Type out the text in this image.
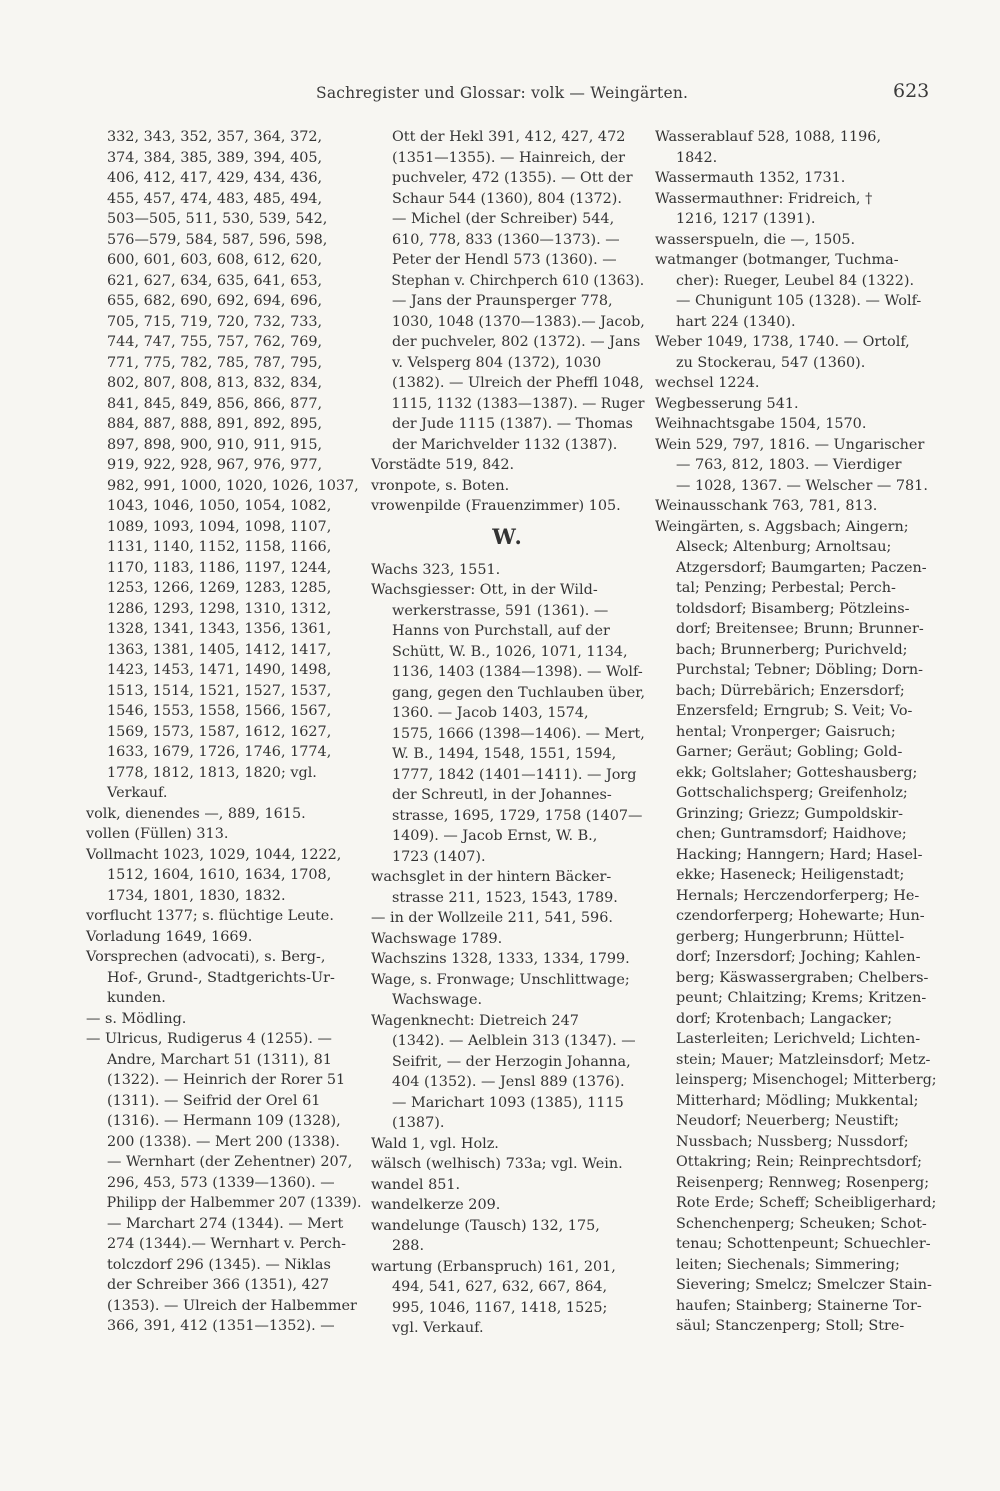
Sachregister und Glossar: volk — Weingärten.	623
332, 343, 352, 357, 364, 372,
374, 384, 385, 389, 394, 405,
406, 412, 417, 429, 434, 436,
455, 457, 474, 483, 485, 494,
503—505, 511, 530, 539, 542,
576—579, 584, 587, 596, 598,
600, 601, 603, 608, 612, 620,
621, 627, 634, 635, 641, 653,
655, 682, 690, 692, 694, 696,
705, 715, 719, 720, 732, 733,
744, 747, 755, 757, 762, 769,
771, 775, 782, 785, 787, 795,
802, 807, 808, 813, 832, 834,
841, 845, 849, 856, 866, 877,
884, 887, 888, 891, 892, 895,
897, 898, 900, 910, 911, 915,
919, 922, 928, 967, 976, 977,
982, 991, 1000, 1020, 1026, 1037,
1043, 1046, 1050, 1054, 1082,
1089, 1093, 1094, 1098, 1107,
1131, 1140, 1152, 1158, 1166,
1170, 1183, 1186, 1197, 1244,
1253, 1266, 1269, 1283, 1285,
1286, 1293, 1298, 1310, 1312,
1328, 1341, 1343, 1356, 1361,
1363, 1381, 1405, 1412, 1417,
1423, 1453, 1471, 1490, 1498,
1513, 1514, 1521, 1527, 1537,
1546, 1553, 1558, 1566, 1567,
1569, 1573, 1587, 1612, 1627,
1633, 1679, 1726, 1746, 1774,
1778, 1812, 1813, 1820; vgl.
Verkauf.
volk, dienendes —, 889, 1615.
vollen (Füllen) 313.
Vollmacht 1023, 1029, 1044, 1222,
1512, 1604, 1610, 1634, 1708,
1734, 1801, 1830, 1832.
vorflucht 1377; s. flüchtige Leute.
Vorladung 1649, 1669.
Vorsprechen (advocati), s. Berg-,
Hof-, Grund-, Stadtgerichts-Ur-
kunden.
— s. Mödling.
— Ulricus, Rudigerus 4 (1255). —
Andre, Marchart 51 (1311), 81
(1322). — Heinrich der Rorer 51
(1311). — Seifrid der Orel 61
(1316). — Hermann 109 (1328),
200 (1338). — Mert 200 (1338).
— Wernhart (der Zehentner) 207,
296, 453, 573 (1339—1360). —
Philipp der Halbemmer 207 (1339).
— Marchart 274 (1344). — Mert
274 (1344).— Wernhart v. Perch-
tolczdorf 296 (1345). — Niklas
der Schreiber 366 (1351), 427
(1353). — Ulreich der Halbemmer
366, 391, 412 (1351—1352). —
Ott der Hekl 391, 412, 427, 472
(1351—1355). — Hainreich, der
puchveler, 472 (1355). — Ott der
Schaur 544 (1360), 804 (1372).
— Michel (der Schreiber) 544,
610, 778, 833 (1360—1373). —
Peter der Hendl 573 (1360). —
Stephan v. Chirchperch 610 (1363).
— Jans der Praunsperger 778,
1030, 1048 (1370—1383).— Jacob,
der puchveler, 802 (1372). — Jans
v. Velsperg 804 (1372), 1030
(1382). — Ulreich der Pheffl 1048,
1115, 1132 (1383—1387). — Ruger
der Jude 1115 (1387). — Thomas
der Marichvelder 1132 (1387).
Vorstädte 519, 842.
vronpote, s. Boten.
vrowenpilde (Frauenzimmer) 105.
W.
Wachs 323, 1551.
Wachsgiesser: Ott, in der Wild-
werkerstrasse, 591 (1361). —
Hanns von Purchstall, auf der
Schütt, W. B., 1026, 1071, 1134,
1136, 1403 (1384—1398). — Wolf-
gang, gegen den Tuchlauben über,
1360. — Jacob 1403, 1574,
1575, 1666 (1398—1406). — Mert,
W. B., 1494, 1548, 1551, 1594,
1777, 1842 (1401—1411). — Jorg
der Schreutl, in der Johannes-
strasse, 1695, 1729, 1758 (1407—
1409). — Jacob Ernst, W. B.,
1723 (1407).
wachsglet in der hintern Bäcker-
strasse 211, 1523, 1543, 1789.
— in der Wollzeile 211, 541, 596.
Wachswage 1789.
Wachszins 1328, 1333, 1334, 1799.
Wage, s. Fronwage; Unschlittwage;
Wachswage.
Wagenknecht: Dietreich 247
(1342). — Aelblein 313 (1347). —
Seifrit, — der Herzogin Johanna,
404 (1352). — Jensl 889 (1376).
— Marichart 1093 (1385), 1115
(1387).
Wald 1, vgl. Holz.
wälsch (welhisch) 733a; vgl. Wein.
wandel 851.
wandelkerze 209.
wandelunge (Tausch) 132, 175,
288.
wartung (Erbanspruch) 161, 201,
494, 541, 627, 632, 667, 864,
995, 1046, 1167, 1418, 1525;
vgl. Verkauf.
Wasserablauf 528, 1088, 1196,
1842.
Wassermauth 1352, 1731.
Wassermauthner: Fridreich, †
1216, 1217 (1391).
wasserspueln, die —, 1505.
watmanger (botmanger, Tuchma-
cher): Rueger, Leubel 84 (1322).
— Chunigunt 105 (1328). — Wolf-
hart 224 (1340).
Weber 1049, 1738, 1740. — Ortolf,
zu Stockerau, 547 (1360).
wechsel 1224.
Wegbesserung 541.
Weihnachtsgabe 1504, 1570.
Wein 529, 797, 1816. — Ungarischer
— 763, 812, 1803. — Vierdiger
— 1028, 1367. — Welscher — 781.
Weinausschank 763, 781, 813.
Weingärten, s. Aggsbach; Aingern;
Alseck; Altenburg; Arnoltsau;
Atzgersdorf; Baumgarten; Paczen-
tal; Penzing; Perbestal; Perch-
toldsdorf; Bisamberg; Pötzleins-
dorf; Breitensee; Brunn; Brunner-
bach; Brunnerberg; Purichveld;
Purchstal; Tebner; Döbling; Dorn-
bach; Dürrebärich; Enzersdorf;
Enzersfeld; Erngrub; S. Veit; Vo-
hental; Vronperger; Gaisruch;
Garner; Geräut; Gobling; Gold-
ekk; Goltslaher; Gotteshausberg;
Gottschalichsperg; Greifenholz;
Grinzing; Griezz; Gumpoldskir-
chen; Guntramsdorf; Haidhove;
Hacking; Hanngern; Hard; Hasel-
ekke; Haseneck; Heiligenstadt;
Hernals; Herczendorferperg; He-
czendorferperg; Hohewarte; Hun-
gerberg; Hungerbrunn; Hüttel-
dorf; Inzersdorf; Joching; Kahlen-
berg; Käswassergraben; Chelbers-
peunt; Chlaitzing; Krems; Kritzen-
dorf; Krotenbach; Langacker;
Lasterleiten; Lerichveld; Lichten-
stein; Mauer; Matzleinsdorf; Metz-
leinsperg; Misenchogel; Mitterberg;
Mitterhard; Mödling; Mukkental;
Neudorf; Neuerberg; Neustift;
Nussbach; Nussberg; Nussdorf;
Ottakring; Rein; Reinprechtsdorf;
Reisenperg; Rennweg; Rosenperg;
Rote Erde; Scheff; Scheibligerhard;
Schenchenperg; Scheuken; Schot-
tenau; Schottenpeunt; Schuechler-
leiten; Siechenals; Simmering;
Sievering; Smelcz; Smelczer Stain-
haufen; Stainberg; Stainerne Tor-
säul; Stanczenperg; Stoll; Stre-
